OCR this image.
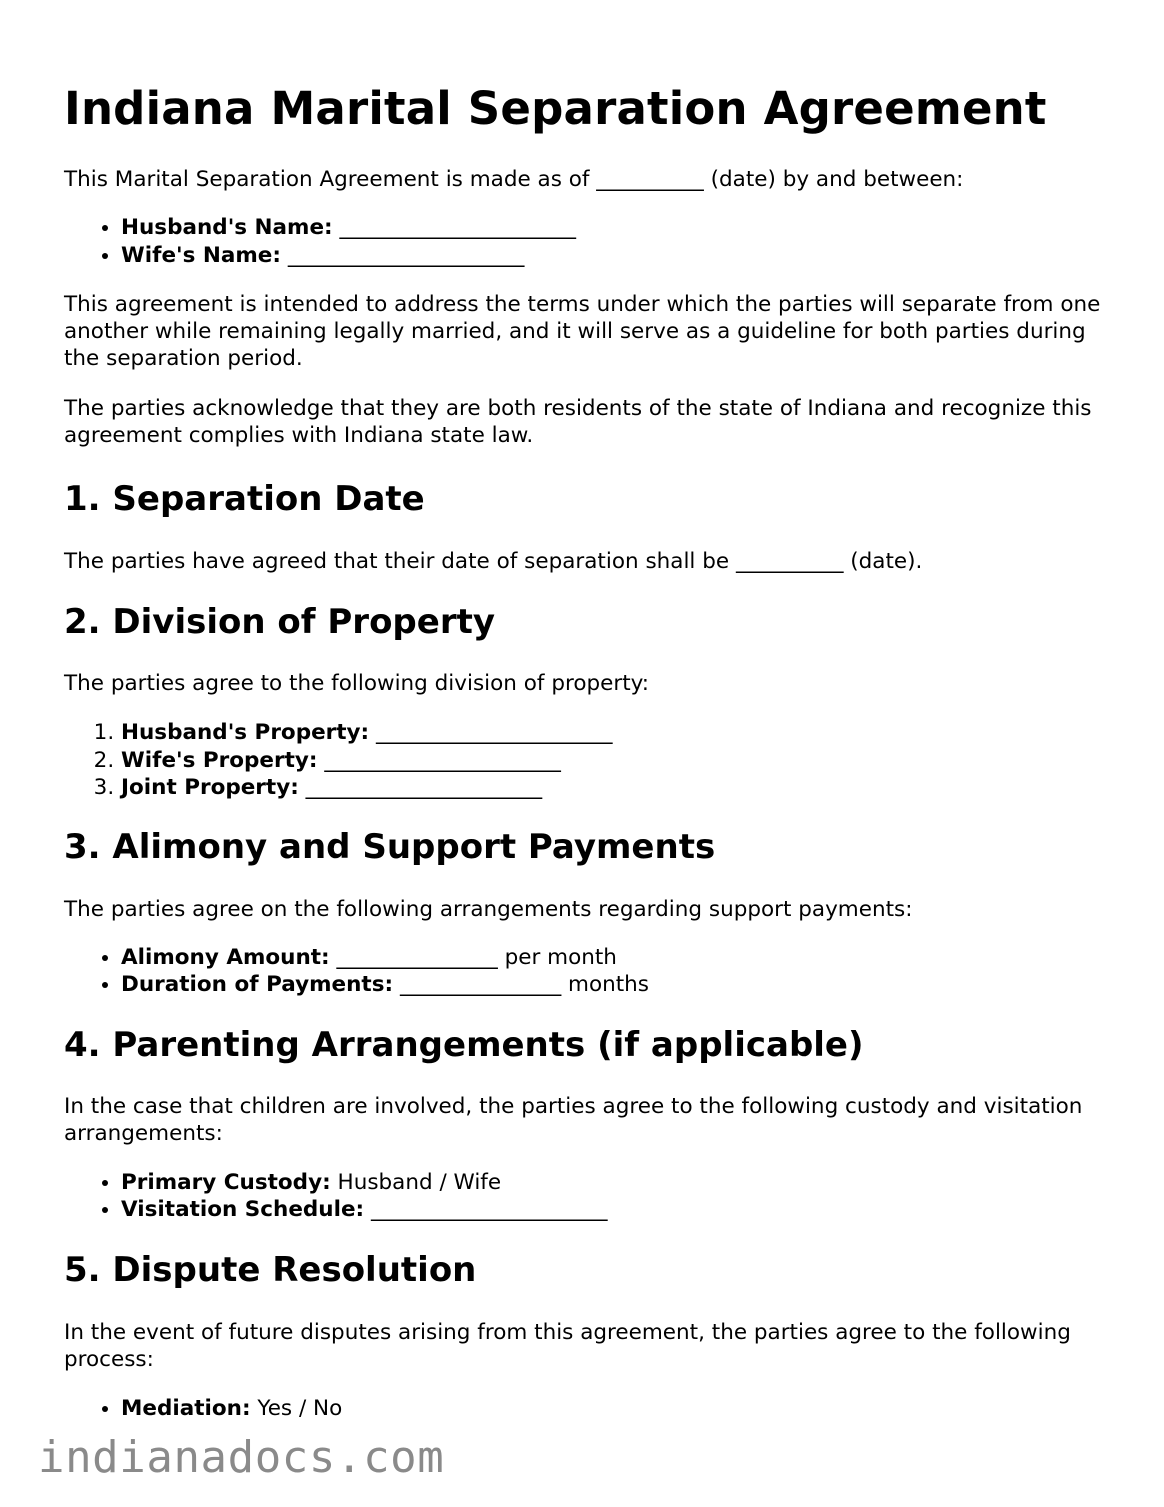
Indiana Marital Separation Agreement

This Marital Separation Agreement is made as of __________ (date) by and between:

• Husband's Name: ______________________
• Wife's Name: ______________________

This agreement is intended to address the terms under which the parties will separate from one another while remaining legally married, and it will serve as a guideline for both parties during the separation period.

The parties acknowledge that they are both residents of the state of Indiana and recognize this agreement complies with Indiana state law.

1. Separation Date

The parties have agreed that their date of separation shall be __________ (date).

2. Division of Property

The parties agree to the following division of property:

1. Husband's Property: ______________________
2. Wife's Property: ______________________
3. Joint Property: ______________________
3. Alimony and Support Payments

The parties agree on the following arrangements regarding support payments:

• Alimony Amount: _______________ per month
• Duration of Payments: _______________ months
4. Parenting Arrangements (if applicable)

In the case that children are involved, the parties agree to the following custody and visitation arrangements:

• Primary Custody: Husband / Wife
• Visitation Schedule: ______________________
5. Dispute Resolution

In the event of future disputes arising from this agreement, the parties agree to the following process:

• Mediation: Yes / No
indianadocs.com
